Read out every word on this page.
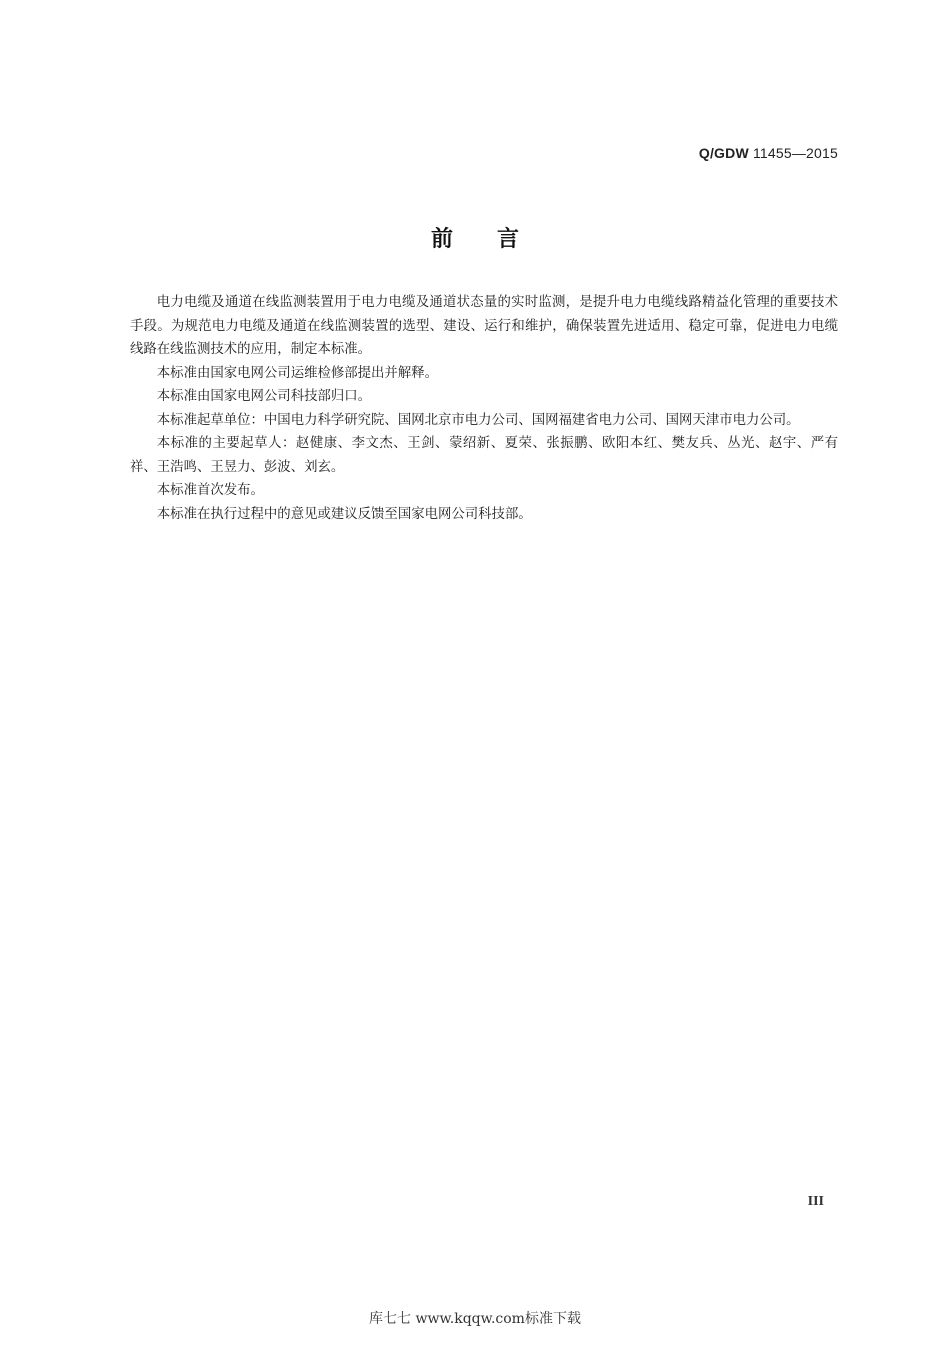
Q/GDW 11455—2015
前言

电力电缆及通道在线监测装置用于电力电缆及通道状态量的实时监测，是提升电力电缆线路精益化管理的重要技术手段。为规范电力电缆及通道在线监测装置的选型、建设、运行和维护，确保装置先进适用、稳定可靠，促进电力电缆线路在线监测技术的应用，制定本标准。

本标准由国家电网公司运维检修部提出并解释。

本标准由国家电网公司科技部归口。

本标准起草单位：中国电力科学研究院、国网北京市电力公司、国网福建省电力公司、国网天津市电力公司。

本标准的主要起草人：赵健康、李文杰、王剑、蒙绍新、夏荣、张振鹏、欧阳本红、樊友兵、丛光、赵宇、严有祥、王浩鸣、王昱力、彭波、刘玄。

本标准首次发布。

本标准在执行过程中的意见或建议反馈至国家电网公司科技部。

III
库七七 www.kqqw.com标准下载
